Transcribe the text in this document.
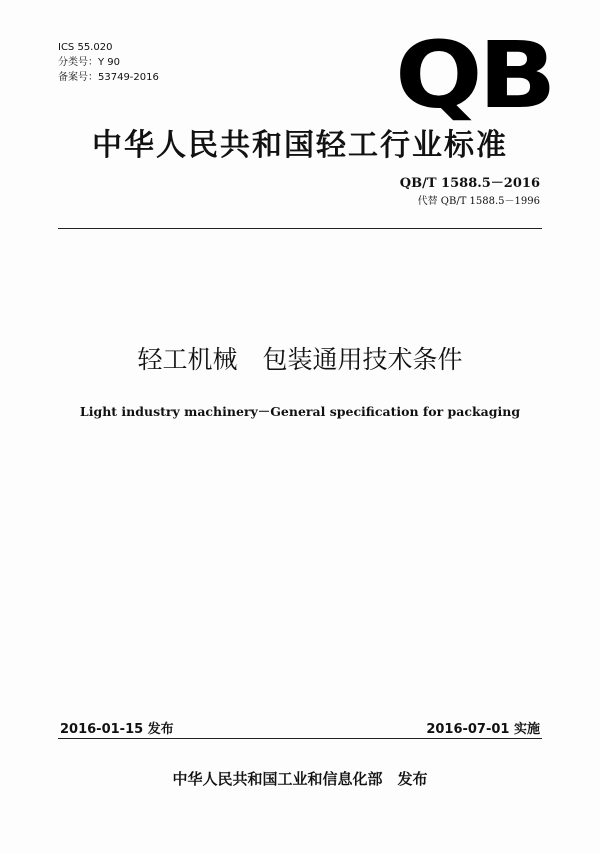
ICS 55.020
分类号：Y 90
备案号：53749-2016	QB
中华人民共和国轻工行业标准
QB/T 1588.5－2016
代替 QB/T 1588.5－1996
轻工机械　包装通用技术条件
Light industry machinery－General specification for packaging
2016-01-15 发布	2016-07-01 实施
中华人民共和国工业和信息化部　发布
